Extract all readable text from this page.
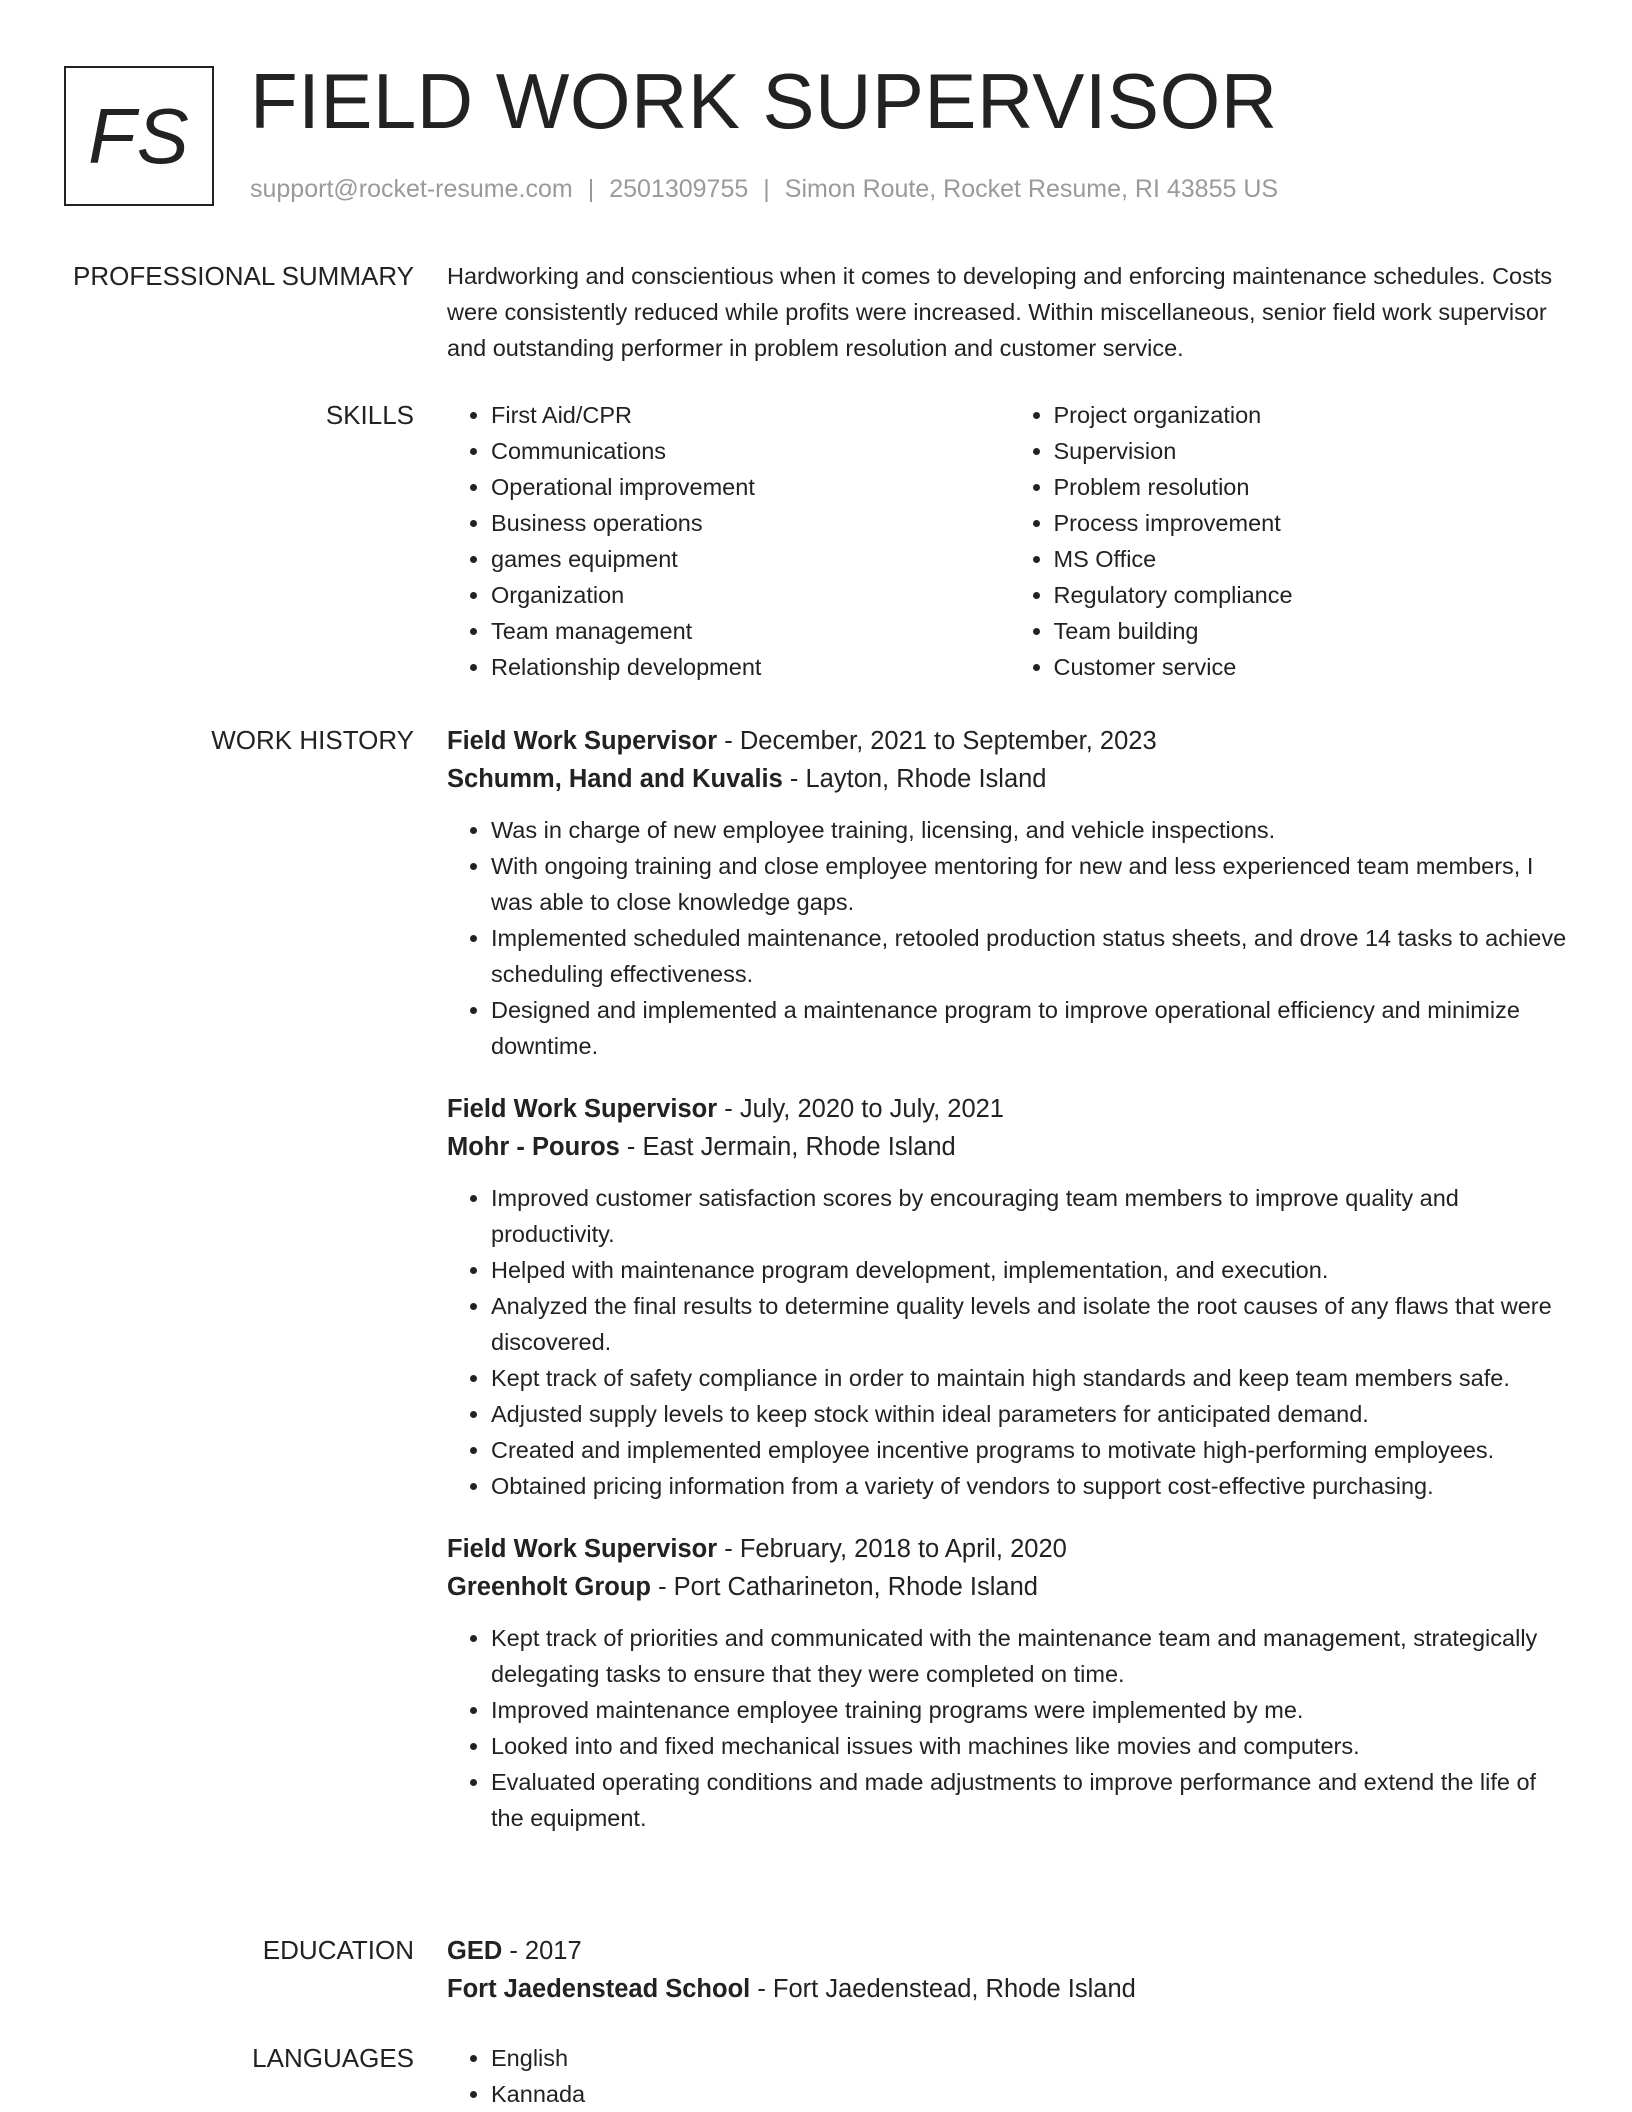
FS FIELD WORK SUPERVISOR
support@rocket-resume.com | 2501309755 | Simon Route, Rocket Resume, RI 43855 US
PROFESSIONAL SUMMARY Hardworking and conscientious when it comes to developing and enforcing maintenance schedules. Costs were consistently reduced while profits were increased. Within miscellaneous, senior field work supervisor and outstanding performer in problem resolution and customer service.

SKILLS	• First Aid/CPR
• Communications
• Operational improvement
• Business operations
• games equipment
• Organization
• Team management
• Relationship development
• Project organization
• Supervision
• Problem resolution
• Process improvement
• MS Office
• Regulatory compliance
• Team building
• Customer service
WORK HISTORY Field Work Supervisor - December, 2021 to September, 2023
Schumm, Hand and Kuvalis - Layton, Rhode Island
• Was in charge of new employee training, licensing, and vehicle inspections.
• With ongoing training and close employee mentoring for new and less experienced team members, I was able to close knowledge gaps.
• Implemented scheduled maintenance, retooled production status sheets, and drove 14 tasks to achieve scheduling effectiveness.
• Designed and implemented a maintenance program to improve operational efficiency and minimize downtime.
Field Work Supervisor - July, 2020 to July, 2021
Mohr - Pouros - East Jermain, Rhode Island
• Improved customer satisfaction scores by encouraging team members to improve quality and productivity.
• Helped with maintenance program development, implementation, and execution.
• Analyzed the final results to determine quality levels and isolate the root causes of any flaws that were discovered.
• Kept track of safety compliance in order to maintain high standards and keep team members safe.
• Adjusted supply levels to keep stock within ideal parameters for anticipated demand.
• Created and implemented employee incentive programs to motivate high-performing employees.
• Obtained pricing information from a variety of vendors to support cost-effective purchasing.
Field Work Supervisor - February, 2018 to April, 2020
Greenholt Group - Port Catharineton, Rhode Island
• Kept track of priorities and communicated with the maintenance team and management, strategically delegating tasks to ensure that they were completed on time.
• Improved maintenance employee training programs were implemented by me.
• Looked into and fixed mechanical issues with machines like movies and computers.
• Evaluated operating conditions and made adjustments to improve performance and extend the life of the equipment.
EDUCATION GED - 2017
Fort Jaedenstead School - Fort Jaedenstead, Rhode Island
LANGUAGES	• English
• Kannada
